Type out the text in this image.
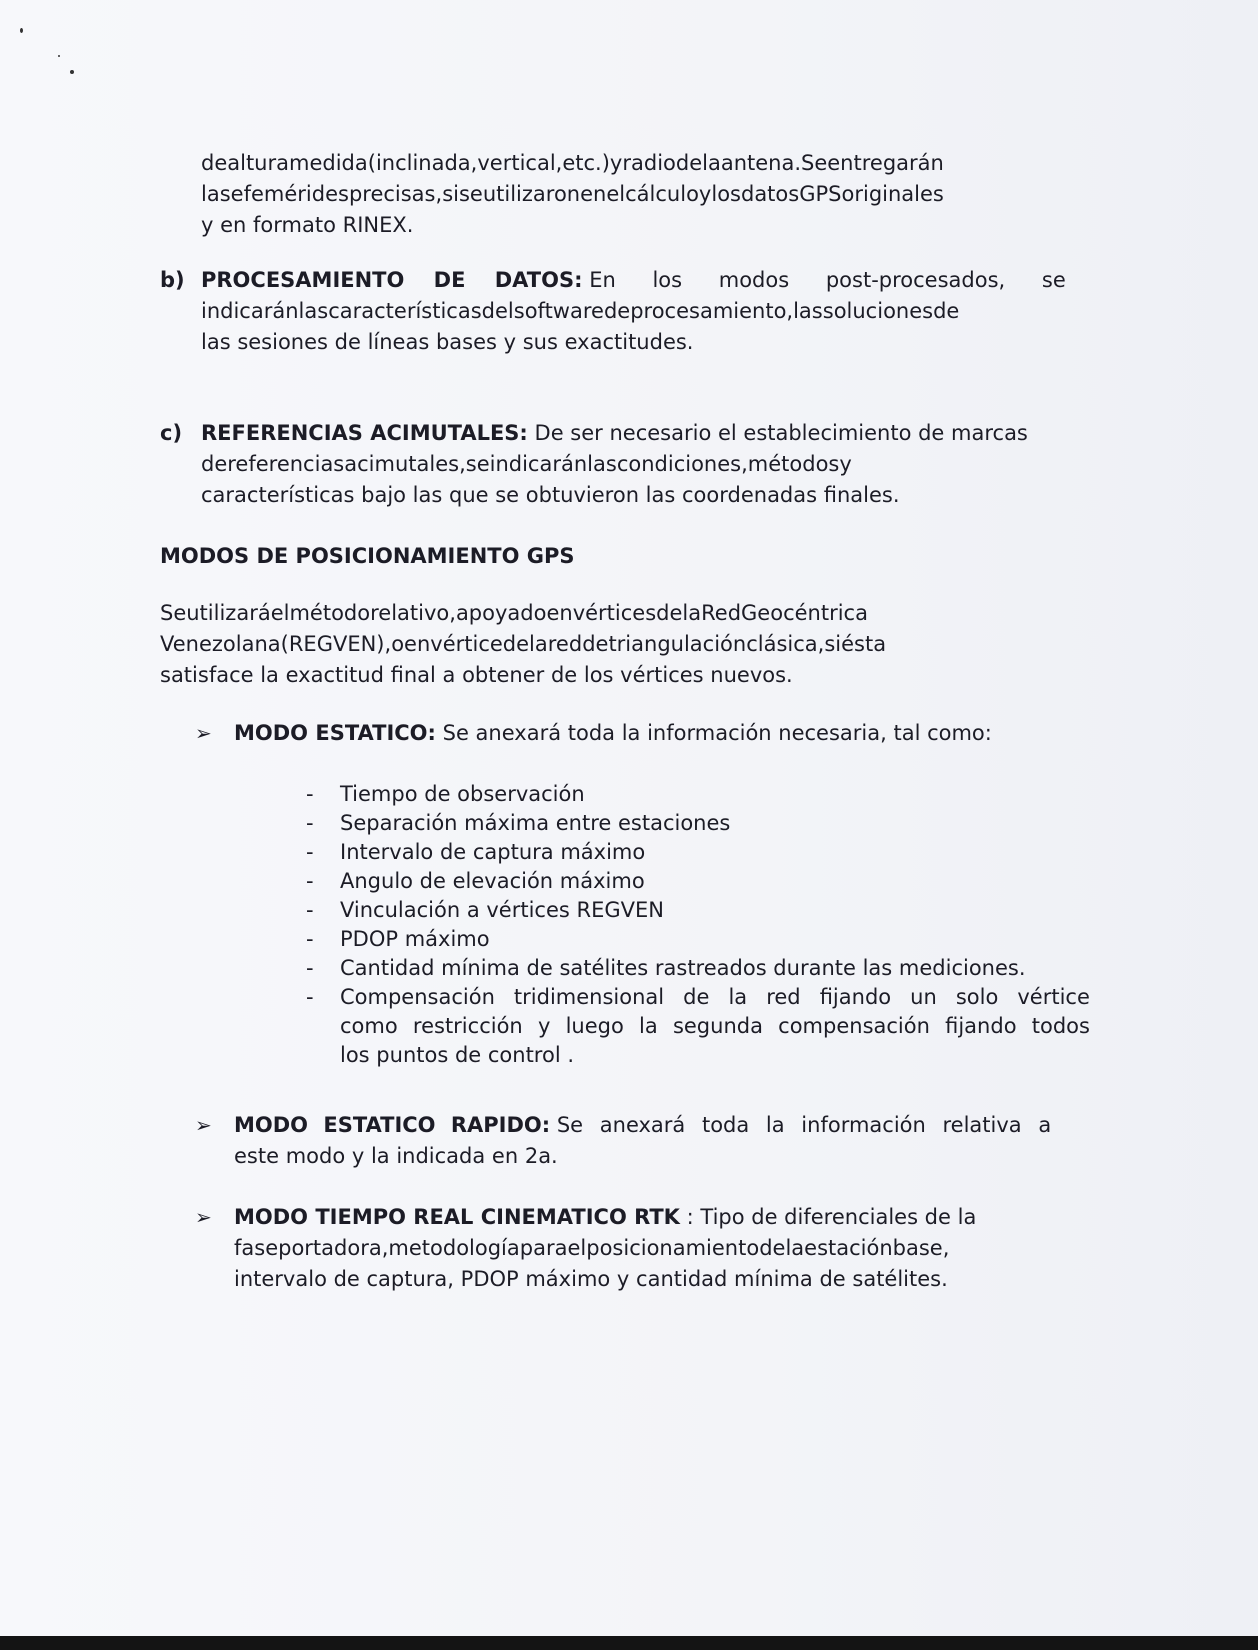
dealturamedida(inclinada,vertical,etc.)yradiodelaantena.Seentregarán
lasefeméridesprecisas,siseutilizaronenelcálculoylosdatosGPSoriginales
y en formato RINEX.
b) PROCESAMIENTO DE DATOS: En los modos post-procesados, se
indicaránlascaracterísticasdelsoftwaredeprocesamiento,lassolucionesde
las sesiones de líneas bases y sus exactitudes.
c) REFERENCIAS ACIMUTALES: De ser necesario el establecimiento de marcas
dereferenciasacimutales,seindicaránlascondiciones,métodosy
características bajo las que se obtuvieron las coordenadas finales.
MODOS DE POSICIONAMIENTO GPS
Seutilizaráelmétodorelativo,apoyadoenvérticesdelaRedGeocéntrica
Venezolana(REGVEN),oenvérticedelareddetriangulaciónclásica,siésta
satisface la exactitud final a obtener de los vértices nuevos.
➢ MODO ESTATICO: Se anexará toda la información necesaria, tal como:
- Tiempo de observación
- Separación máxima entre estaciones
- Intervalo de captura máximo
- Angulo de elevación máximo
- Vinculación a vértices REGVEN
- PDOP máximo
- Cantidad mínima de satélites rastreados durante las mediciones.
- Compensación tridimensional de la red fijando un solo vértice
como restricción y luego la segunda compensación fijando todos
los puntos de control .
➢ MODO ESTATICO RAPIDO: Se anexará toda la información relativa a
este modo y la indicada en 2a.
➢ MODO TIEMPO REAL CINEMATICO RTK : Tipo de diferenciales de la
faseportadora,metodologíaparaelposicionamientodelaestaciónbase,
intervalo de captura, PDOP máximo y cantidad mínima de satélites.
